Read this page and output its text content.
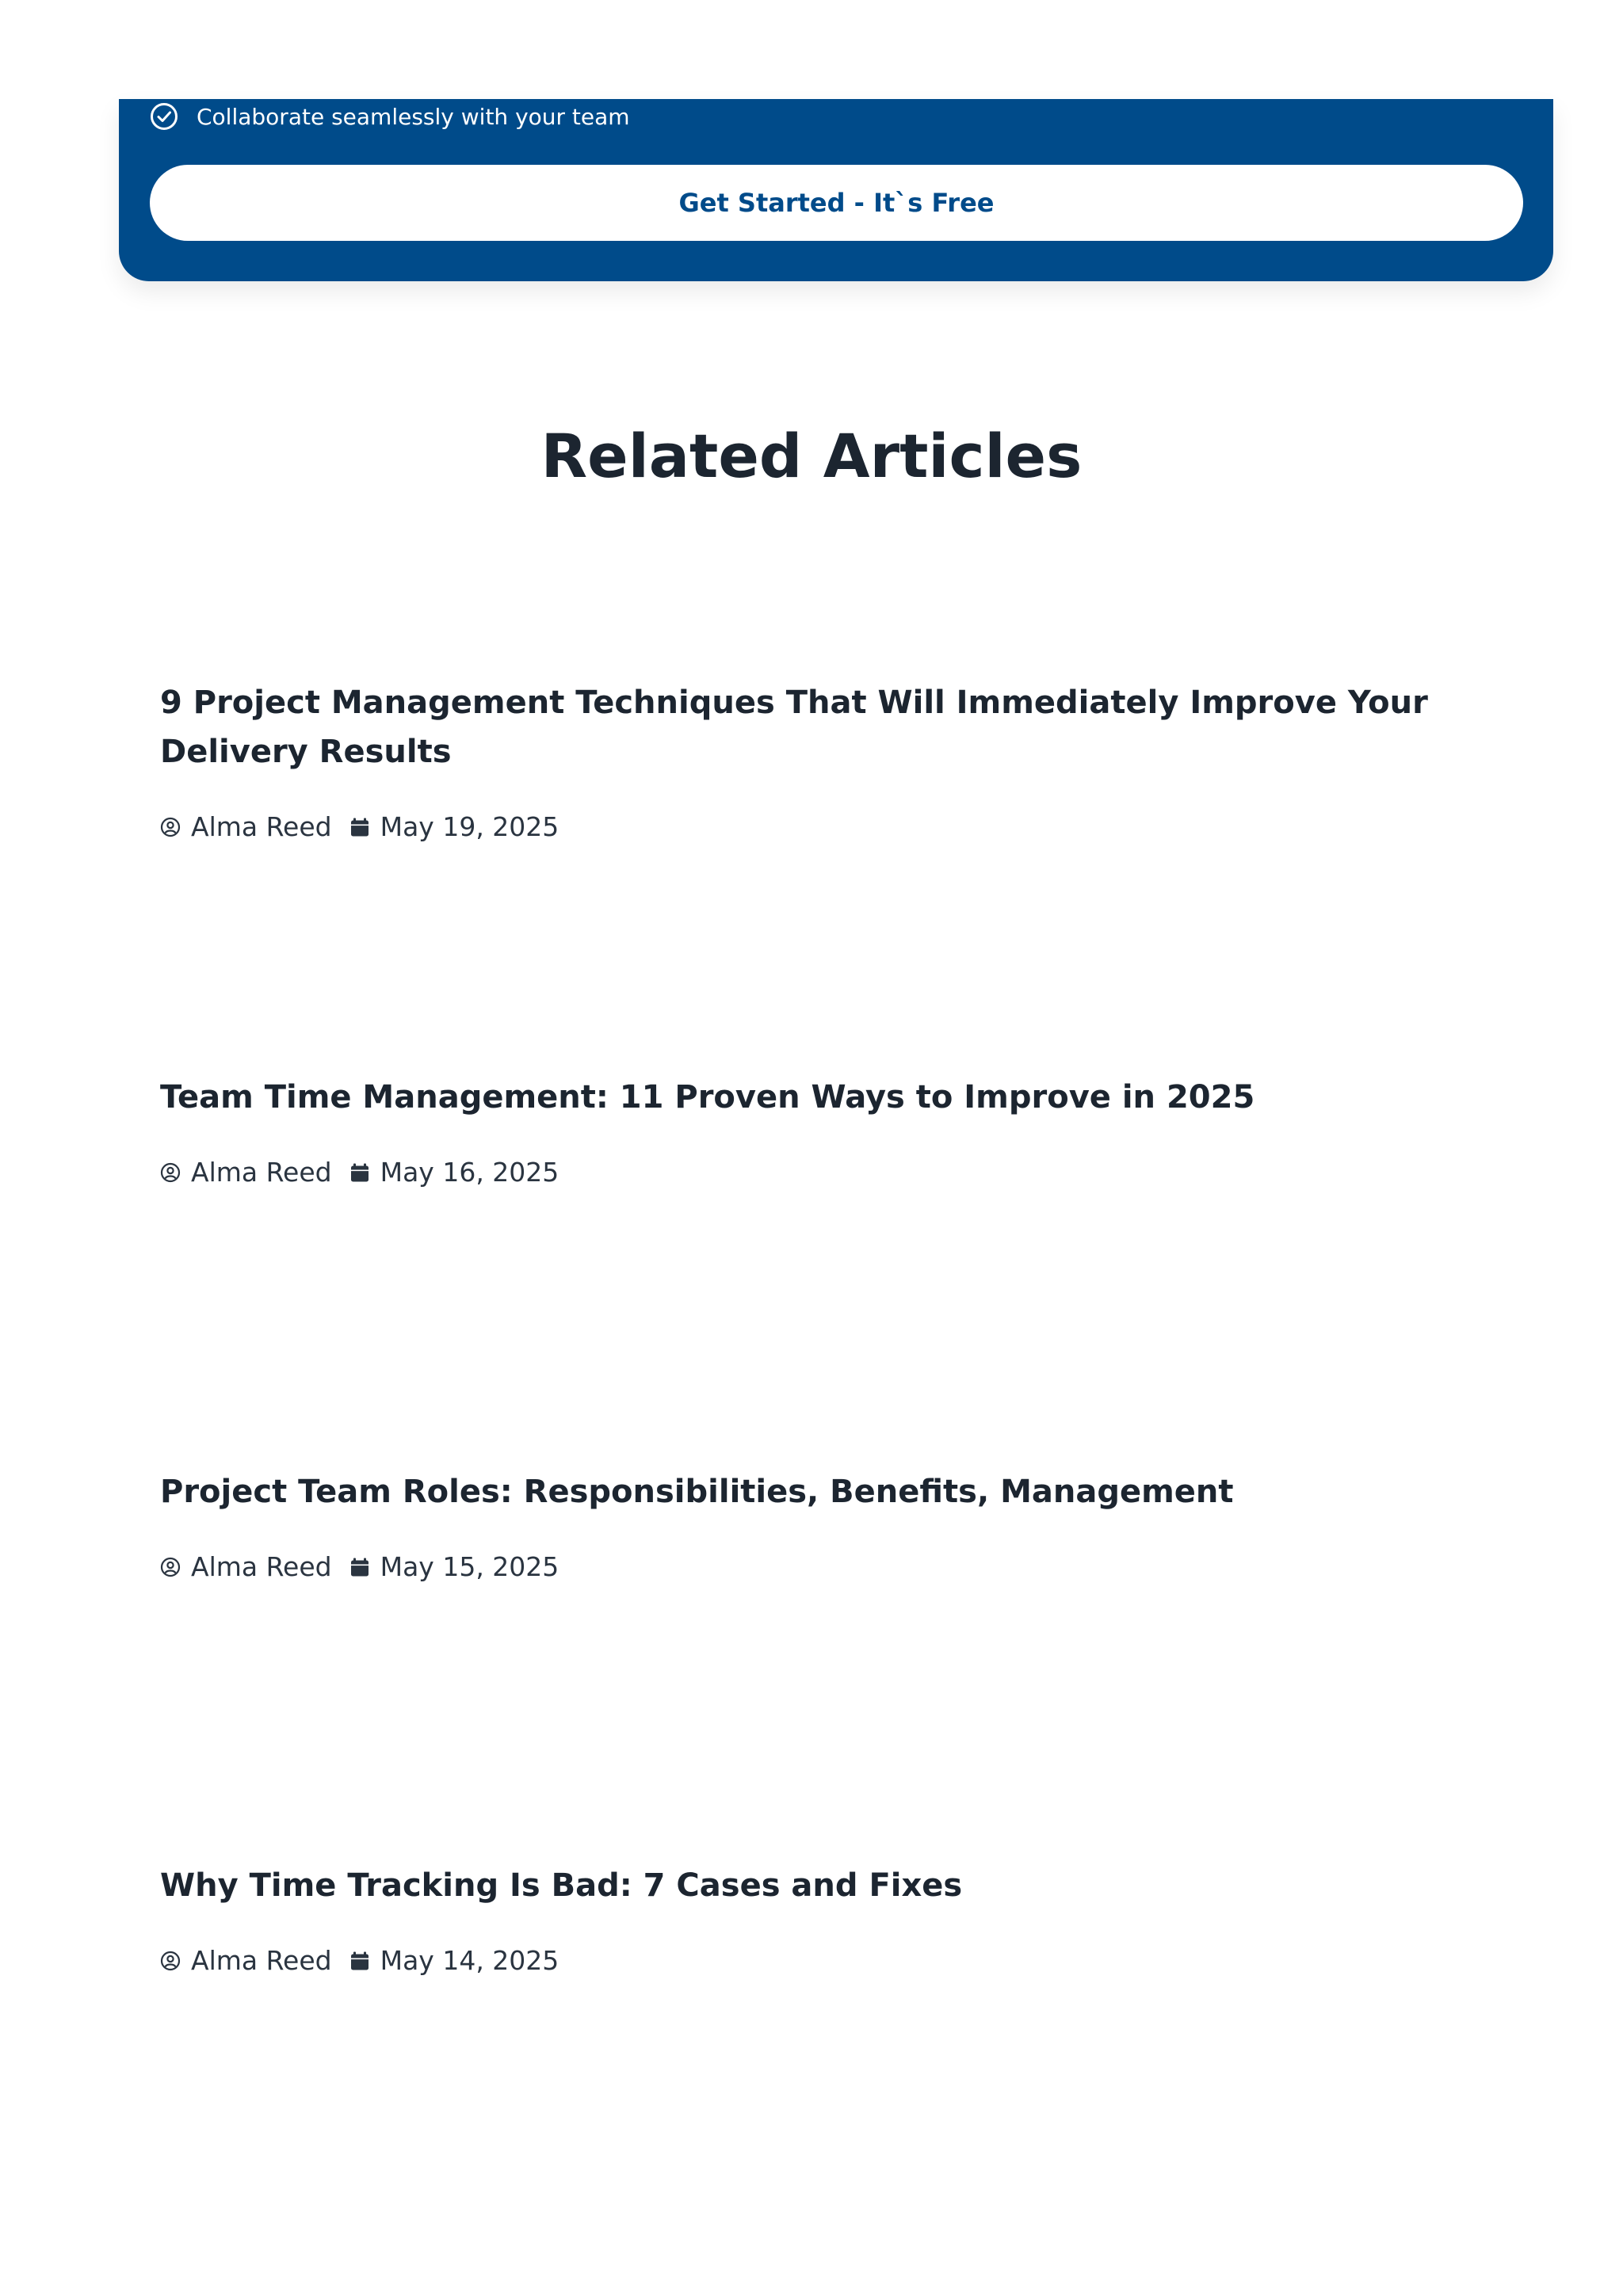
Collaborate seamlessly with your team
Get Started - It`s Free
Related Articles
9 Project Management Techniques That Will Immediately Improve Your Delivery Results
Alma Reed May 19, 2025
Team Time Management: 11 Proven Ways to Improve in 2025
Alma Reed May 16, 2025
Project Team Roles: Responsibilities, Benefits, Management
Alma Reed May 15, 2025
Why Time Tracking Is Bad: 7 Cases and Fixes
Alma Reed May 14, 2025
